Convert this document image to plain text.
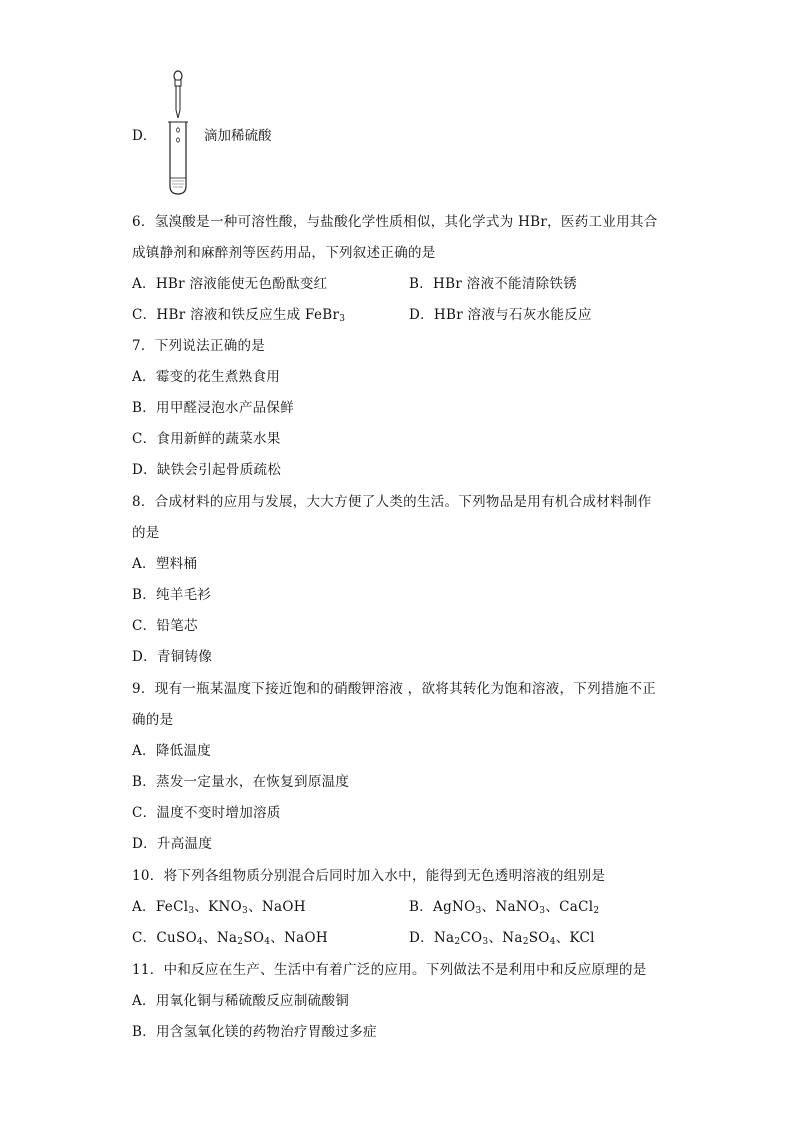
D．	滴加稀硫酸
6．氢溴酸是一种可溶性酸，与盐酸化学性质相似，其化学式为 HBr，医药工业用其合
成镇静剂和麻醉剂等医药用品，下列叙述正确的是
A．HBr 溶液能使无色酚酞变红	B．HBr 溶液不能清除铁锈
C．HBr 溶液和铁反应生成 FeBr$_3$	D．HBr 溶液与石灰水能反应
7．下列说法正确的是
A．霉变的花生煮熟食用
B．用甲醛浸泡水产品保鲜
C．食用新鲜的蔬菜水果
D．缺铁会引起骨质疏松
8．合成材料的应用与发展，大大方便了人类的生活。下列物品是用有机合成材料制作
的是
A．塑料桶
B．纯羊毛衫
C．铅笔芯
D．青铜铸像
9．现有一瓶某温度下接近饱和的硝酸钾溶液 ，欲将其转化为饱和溶液，下列措施不正
确的是
A．降低温度
B．蒸发一定量水，在恢复到原温度
C．温度不变时增加溶质
D．升高温度
10．将下列各组物质分别混合后同时加入水中，能得到无色透明溶液的组别是
A．FeCl$_3$、$KNO_3$、NaOH	B．AgNO$_3$、NaNO$_3$、CaCl$_2$
C．CuSO$_4$、$Na_2SO_4$、NaOH	D．$Na_2CO_3$、$Na_2SO_4$、KCl
11．中和反应在生产、生活中有着广泛的应用。下列做法不是利用中和反应原理的是
A．用氧化铜与稀硫酸反应制硫酸铜
B．用含氢氧化镁的药物治疗胃酸过多症
